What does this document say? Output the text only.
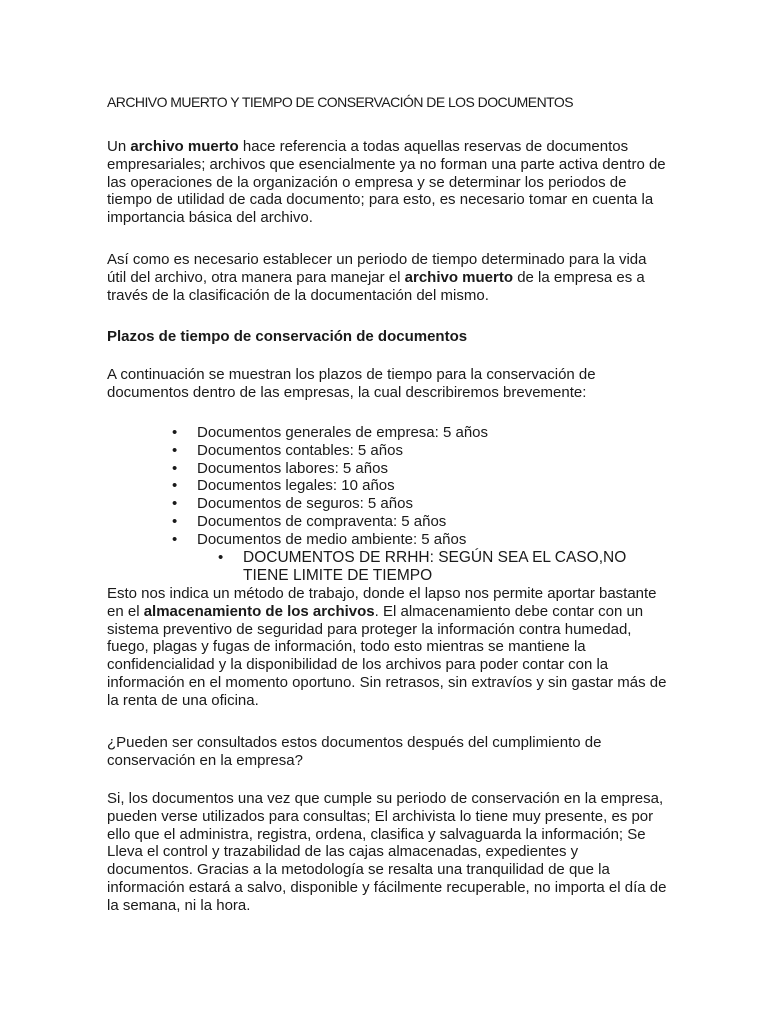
ARCHIVO MUERTO Y TIEMPO DE CONSERVACIÓN DE LOS DOCUMENTOS

Un archivo muerto hace referencia a todas aquellas reservas de documentos empresariales; archivos que esencialmente ya no forman una parte activa dentro de las operaciones de la organización o empresa y se determinar los periodos de tiempo de utilidad de cada documento; para esto, es necesario tomar en cuenta la importancia básica del archivo.

Así como es necesario establecer un periodo de tiempo determinado para la vida útil del archivo, otra manera para manejar el archivo muerto de la empresa es a través de la clasificación de la documentación del mismo.

Plazos de tiempo de conservación de documentos

A continuación se muestran los plazos de tiempo para la conservación de documentos dentro de las empresas, la cual describiremos brevemente:

• Documentos generales de empresa: 5 años
• Documentos contables: 5 años
• Documentos labores: 5 años
• Documentos legales: 10 años
• Documentos de seguros: 5 años
• Documentos de compraventa: 5 años
• Documentos de medio ambiente: 5 años

• DOCUMENTOS DE RRHH: SEGÚN SEA EL CASO,NO TIENE LIMITE DE TIEMPO

Esto nos indica un método de trabajo, donde el lapso nos permite aportar bastante en el almacenamiento de los archivos. El almacenamiento debe contar con un sistema preventivo de seguridad para proteger la información contra humedad, fuego, plagas y fugas de información, todo esto mientras se mantiene la confidencialidad y la disponibilidad de los archivos para poder contar con la información en el momento oportuno. Sin retrasos, sin extravíos y sin gastar más de la renta de una oficina.

¿Pueden ser consultados estos documentos después del cumplimiento de conservación en la empresa?

Si, los documentos una vez que cumple su periodo de conservación en la empresa, pueden verse utilizados para consultas; El archivista lo tiene muy presente, es por ello que el administra, registra, ordena, clasifica y salvaguarda la información; Se Lleva el control y trazabilidad de las cajas almacenadas, expedientes y documentos. Gracias a la metodología se resalta una tranquilidad de que la información estará a salvo, disponible y fácilmente recuperable, no importa el día de la semana, ni la hora.
